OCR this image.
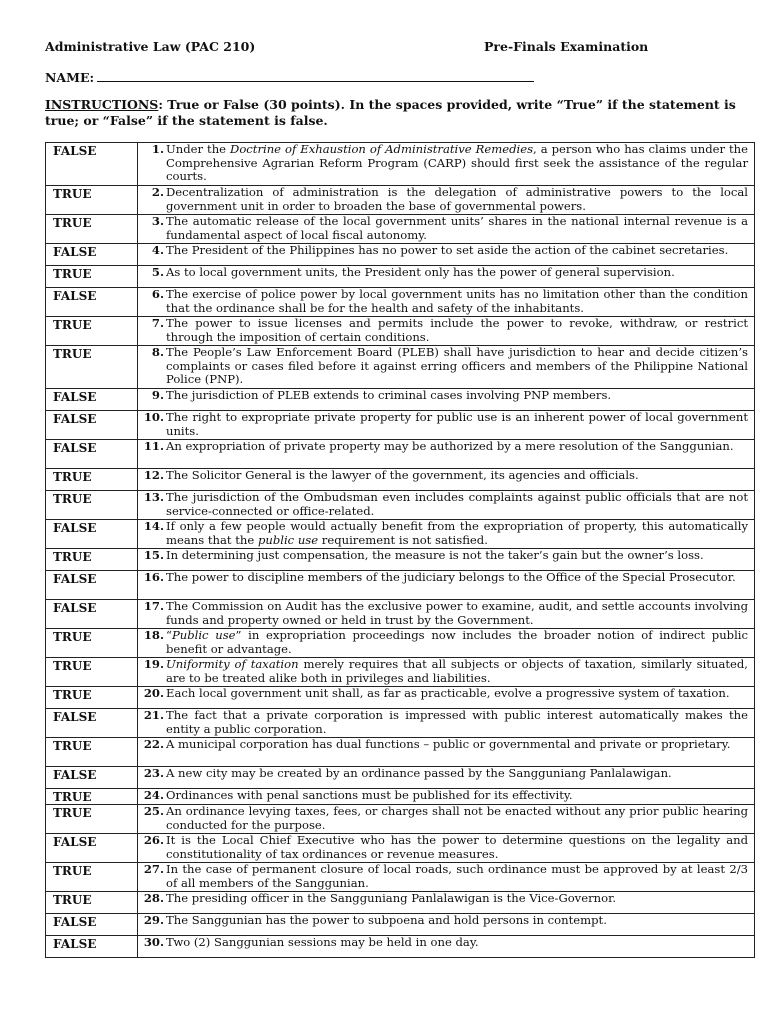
Administrative Law (PAC 210)	Pre-Finals Examination
NAME:
INSTRUCTIONS: True or False (30 points). In the spaces provided, write “True” if the statement is true; or “False” if the statement is false.
FALSE	1. Under the Doctrine of Exhaustion of Administrative Remedies, a person who has claims under the Comprehensive Agrarian Reform Program (CARP) should first seek the assistance of the regular courts.

TRUE	2. Decentralization of administration is the delegation of administrative powers to the local government unit in order to broaden the base of governmental powers.

TRUE	3. The automatic release of the local government units’ shares in the national internal revenue is a fundamental aspect of local fiscal autonomy.

FALSE	4. The President of the Philippines has no power to set aside the action of the cabinet secretaries.

TRUE	5. As to local government units, the President only has the power of general supervision.

FALSE	6. The exercise of police power by local government units has no limitation other than the condition that the ordinance shall be for the health and safety of the inhabitants.

TRUE	7. The power to issue licenses and permits include the power to revoke, withdraw, or restrict through the imposition of certain conditions.

TRUE	8. The People’s Law Enforcement Board (PLEB) shall have jurisdiction to hear and decide citizen’s complaints or cases filed before it against erring officers and members of the Philippine National Police (PNP).

FALSE	9. The jurisdiction of PLEB extends to criminal cases involving PNP members.

FALSE	10. The right to expropriate private property for public use is an inherent power of local government units.

FALSE	11. An expropriation of private property may be authorized by a mere resolution of the Sanggunian.

TRUE	12. The Solicitor General is the lawyer of the government, its agencies and officials.

TRUE	13. The jurisdiction of the Ombudsman even includes complaints against public officials that are not service-connected or office-related.

FALSE	14. If only a few people would actually benefit from the expropriation of property, this automatically means that the public use requirement is not satisfied.

TRUE	15. In determining just compensation, the measure is not the taker’s gain but the owner’s loss.

FALSE	16. The power to discipline members of the judiciary belongs to the Office of the Special Prosecutor.

FALSE	17. The Commission on Audit has the exclusive power to examine, audit, and settle accounts involving funds and property owned or held in trust by the Government.

TRUE	18. “Public use” in expropriation proceedings now includes the broader notion of indirect public benefit or advantage.

TRUE	19. Uniformity of taxation merely requires that all subjects or objects of taxation, similarly situated, are to be treated alike both in privileges and liabilities.

TRUE	20. Each local government unit shall, as far as practicable, evolve a progressive system of taxation.

FALSE	21. The fact that a private corporation is impressed with public interest automatically makes the entity a public corporation.

TRUE	22. A municipal corporation has dual functions – public or governmental and private or proprietary.

FALSE	23. A new city may be created by an ordinance passed by the Sangguniang Panlalawigan.

TRUE	24. Ordinances with penal sanctions must be published for its effectivity.

TRUE	25. An ordinance levying taxes, fees, or charges shall not be enacted without any prior public hearing conducted for the purpose.

FALSE	26. It is the Local Chief Executive who has the power to determine questions on the legality and constitutionality of tax ordinances or revenue measures.

TRUE	27. In the case of permanent closure of local roads, such ordinance must be approved by at least 2/3 of all members of the Sanggunian.

TRUE	28. The presiding officer in the Sangguniang Panlalawigan is the Vice-Governor.

FALSE	29. The Sanggunian has the power to subpoena and hold persons in contempt.

FALSE	30. Two (2) Sanggunian sessions may be held in one day.
